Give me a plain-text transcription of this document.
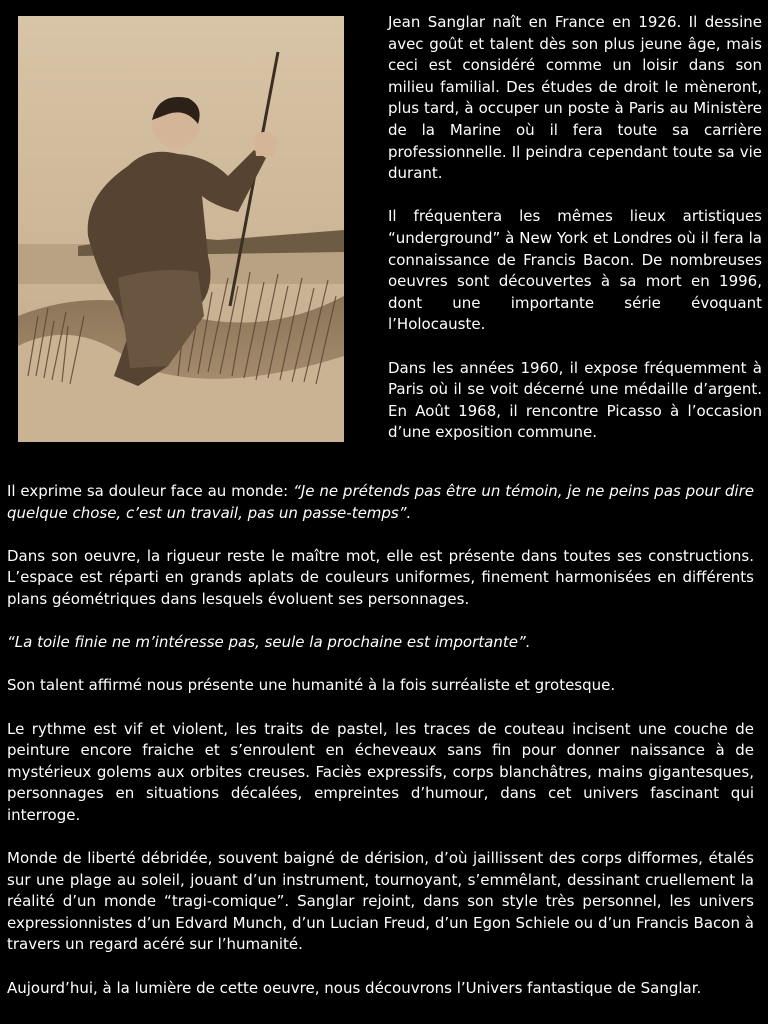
Jean Sanglar naît en France en 1926. Il dessine avec goût et talent dès son plus jeune âge, mais ceci est considéré comme un loisir dans son milieu familial. Des études de droit le mèneront, plus tard, à occuper un poste à Paris au Ministère de la Marine où il fera toute sa carrière professionnelle. Il peindra cependant toute sa vie durant.

Il fréquentera les mêmes lieux artistiques “underground” à New York et Londres où il fera la connaissance de Francis Bacon. De nombreuses oeuvres sont découvertes à sa mort en 1996, dont une importante série évoquant l’Holocauste.

Dans les années 1960, il expose fréquemment à Paris où il se voit décerné une médaille d’argent. En Août 1968, il rencontre Picasso à l’occasion d’une exposition commune.

Il exprime sa douleur face au monde: “Je ne prétends pas être un témoin, je ne peins pas pour dire quelque chose, c’est un travail, pas un passe-temps”.

Dans son oeuvre, la rigueur reste le maître mot, elle est présente dans toutes ses constructions. L’espace est réparti en grands aplats de couleurs uniformes, finement harmonisées en différents plans géométriques dans lesquels évoluent ses personnages.

“La toile finie ne m’intéresse pas, seule la prochaine est importante”.

Son talent affirmé nous présente une humanité à la fois surréaliste et grotesque.

Le rythme est vif et violent, les traits de pastel, les traces de couteau incisent une couche de peinture encore fraiche et s’enroulent en écheveaux sans fin pour donner naissance à de mystérieux golems aux orbites creuses. Faciès expressifs, corps blanchâtres, mains gigantesques, personnages en situations décalées, empreintes d’humour, dans cet univers fascinant qui interroge.

Monde de liberté débridée, souvent baigné de dérision, d’où jaillissent des corps difformes, étalés sur une plage au soleil, jouant d’un instrument, tournoyant, s’emmêlant, dessinant cruellement la réalité d’un monde “tragi-comique”. Sanglar rejoint, dans son style très personnel, les univers expressionnistes d’un Edvard Munch, d’un Lucian Freud, d’un Egon Schiele ou d’un Francis Bacon à travers un regard acéré sur l’humanité.

Aujourd’hui, à la lumière de cette oeuvre, nous découvrons l’Univers fantastique de Sanglar.
